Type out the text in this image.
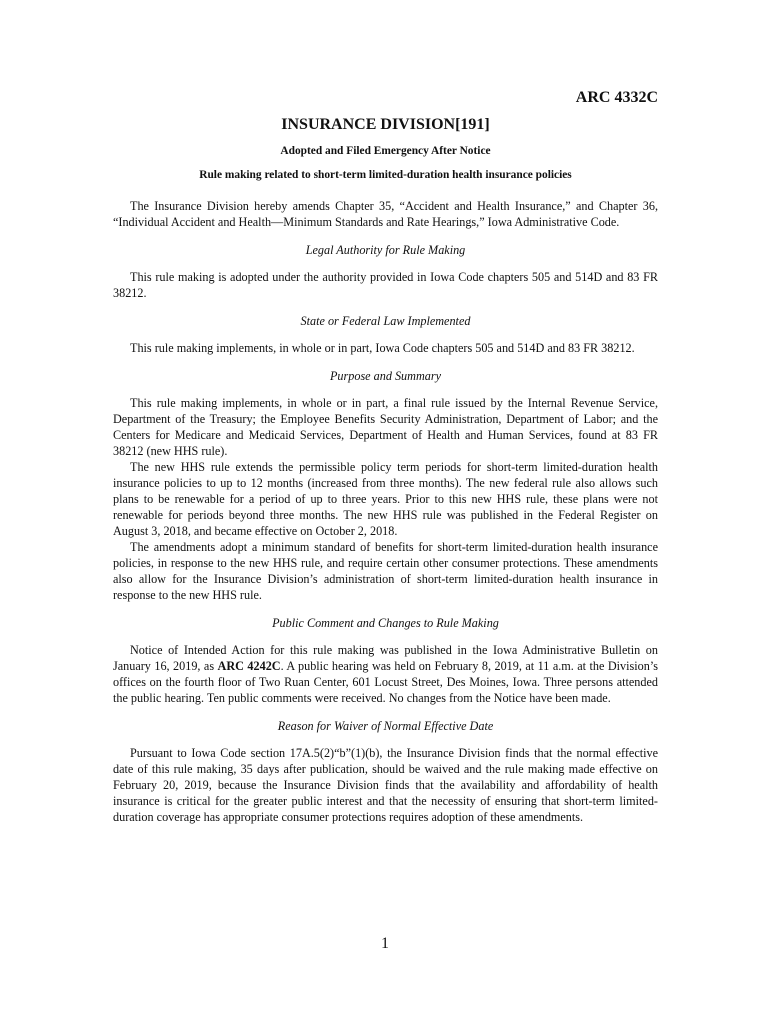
ARC 4332C
INSURANCE DIVISION[191]
Adopted and Filed Emergency After Notice
Rule making related to short-term limited-duration health insurance policies

The Insurance Division hereby amends Chapter 35, “Accident and Health Insurance,” and Chapter 36, “Individual Accident and Health—Minimum Standards and Rate Hearings,” Iowa Administrative Code.

Legal Authority for Rule Making

This rule making is adopted under the authority provided in Iowa Code chapters 505 and 514D and 83 FR 38212.

State or Federal Law Implemented

This rule making implements, in whole or in part, Iowa Code chapters 505 and 514D and 83 FR 38212.

Purpose and Summary

This rule making implements, in whole or in part, a final rule issued by the Internal Revenue Service, Department of the Treasury; the Employee Benefits Security Administration, Department of Labor; and the Centers for Medicare and Medicaid Services, Department of Health and Human Services, found at 83 FR 38212 (new HHS rule).

The new HHS rule extends the permissible policy term periods for short-term limited-duration health insurance policies to up to 12 months (increased from three months). The new federal rule also allows such plans to be renewable for a period of up to three years. Prior to this new HHS rule, these plans were not renewable for periods beyond three months. The new HHS rule was published in the Federal Register on August 3, 2018, and became effective on October 2, 2018.

The amendments adopt a minimum standard of benefits for short-term limited-duration health insurance policies, in response to the new HHS rule, and require certain other consumer protections. These amendments also allow for the Insurance Division’s administration of short-term limited-duration health insurance in response to the new HHS rule.

Public Comment and Changes to Rule Making

Notice of Intended Action for this rule making was published in the Iowa Administrative Bulletin on January 16, 2019, as ARC 4242C. A public hearing was held on February 8, 2019, at 11 a.m. at the Division’s offices on the fourth floor of Two Ruan Center, 601 Locust Street, Des Moines, Iowa. Three persons attended the public hearing. Ten public comments were received. No changes from the Notice have been made.

Reason for Waiver of Normal Effective Date

Pursuant to Iowa Code section 17A.5(2)“b”(1)(b), the Insurance Division finds that the normal effective date of this rule making, 35 days after publication, should be waived and the rule making made effective on February 20, 2019, because the Insurance Division finds that the availability and affordability of health insurance is critical for the greater public interest and that the necessity of ensuring that short-term limited-duration coverage has appropriate consumer protections requires adoption of these amendments.

1
